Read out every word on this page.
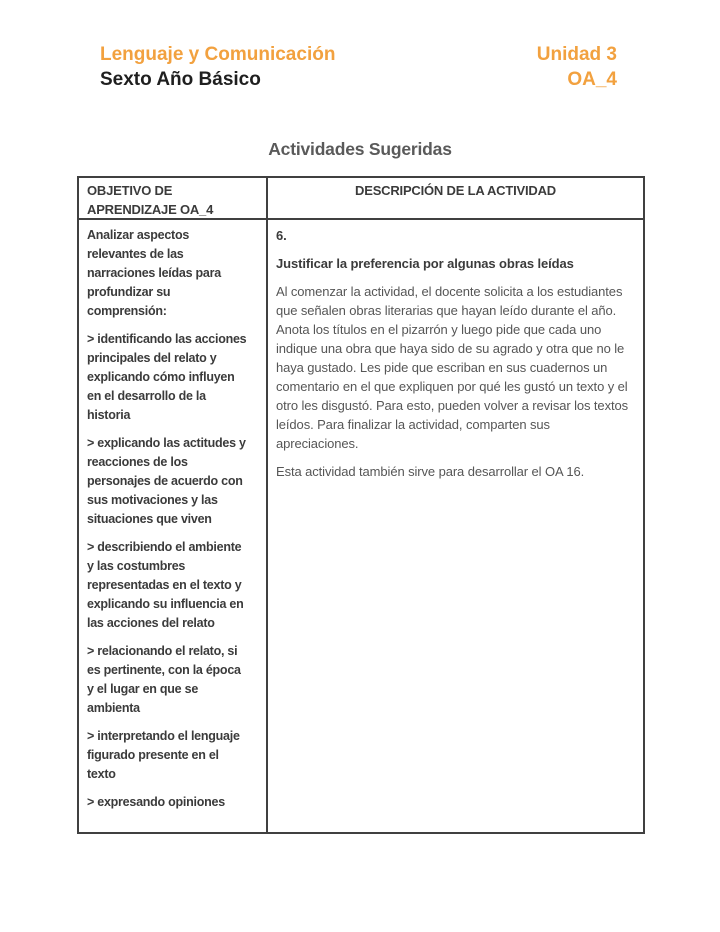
Lenguaje y Comunicación
Sexto Año Básico
Unidad 3
OA_4
Actividades Sugeridas
OBJETIVO DE APRENDIZAJE OA_4
DESCRIPCIÓN DE LA ACTIVIDAD

Analizar aspectos relevantes de las narraciones leídas para profundizar su comprensión:

> identificando las acciones principales del relato y explicando cómo influyen en el desarrollo de la historia

> explicando las actitudes y reacciones de los personajes de acuerdo con sus motivaciones y las situaciones que viven

> describiendo el ambiente y las costumbres representadas en el texto y explicando su influencia en las acciones del relato

> relacionando el relato, si es pertinente, con la época y el lugar en que se ambienta

> interpretando el lenguaje figurado presente en el texto

> expresando opiniones

6.

Justificar la preferencia por algunas obras leídas

Al comenzar la actividad, el docente solicita a los estudiantes que señalen obras literarias que hayan leído durante el año. Anota los títulos en el pizarrón y luego pide que cada uno indique una obra que haya sido de su agrado y otra que no le haya gustado. Les pide que escriban en sus cuadernos un comentario en el que expliquen por qué les gustó un texto y el otro les disgustó. Para esto, pueden volver a revisar los textos leídos. Para finalizar la actividad, comparten sus apreciaciones.

Esta actividad también sirve para desarrollar el OA 16.
